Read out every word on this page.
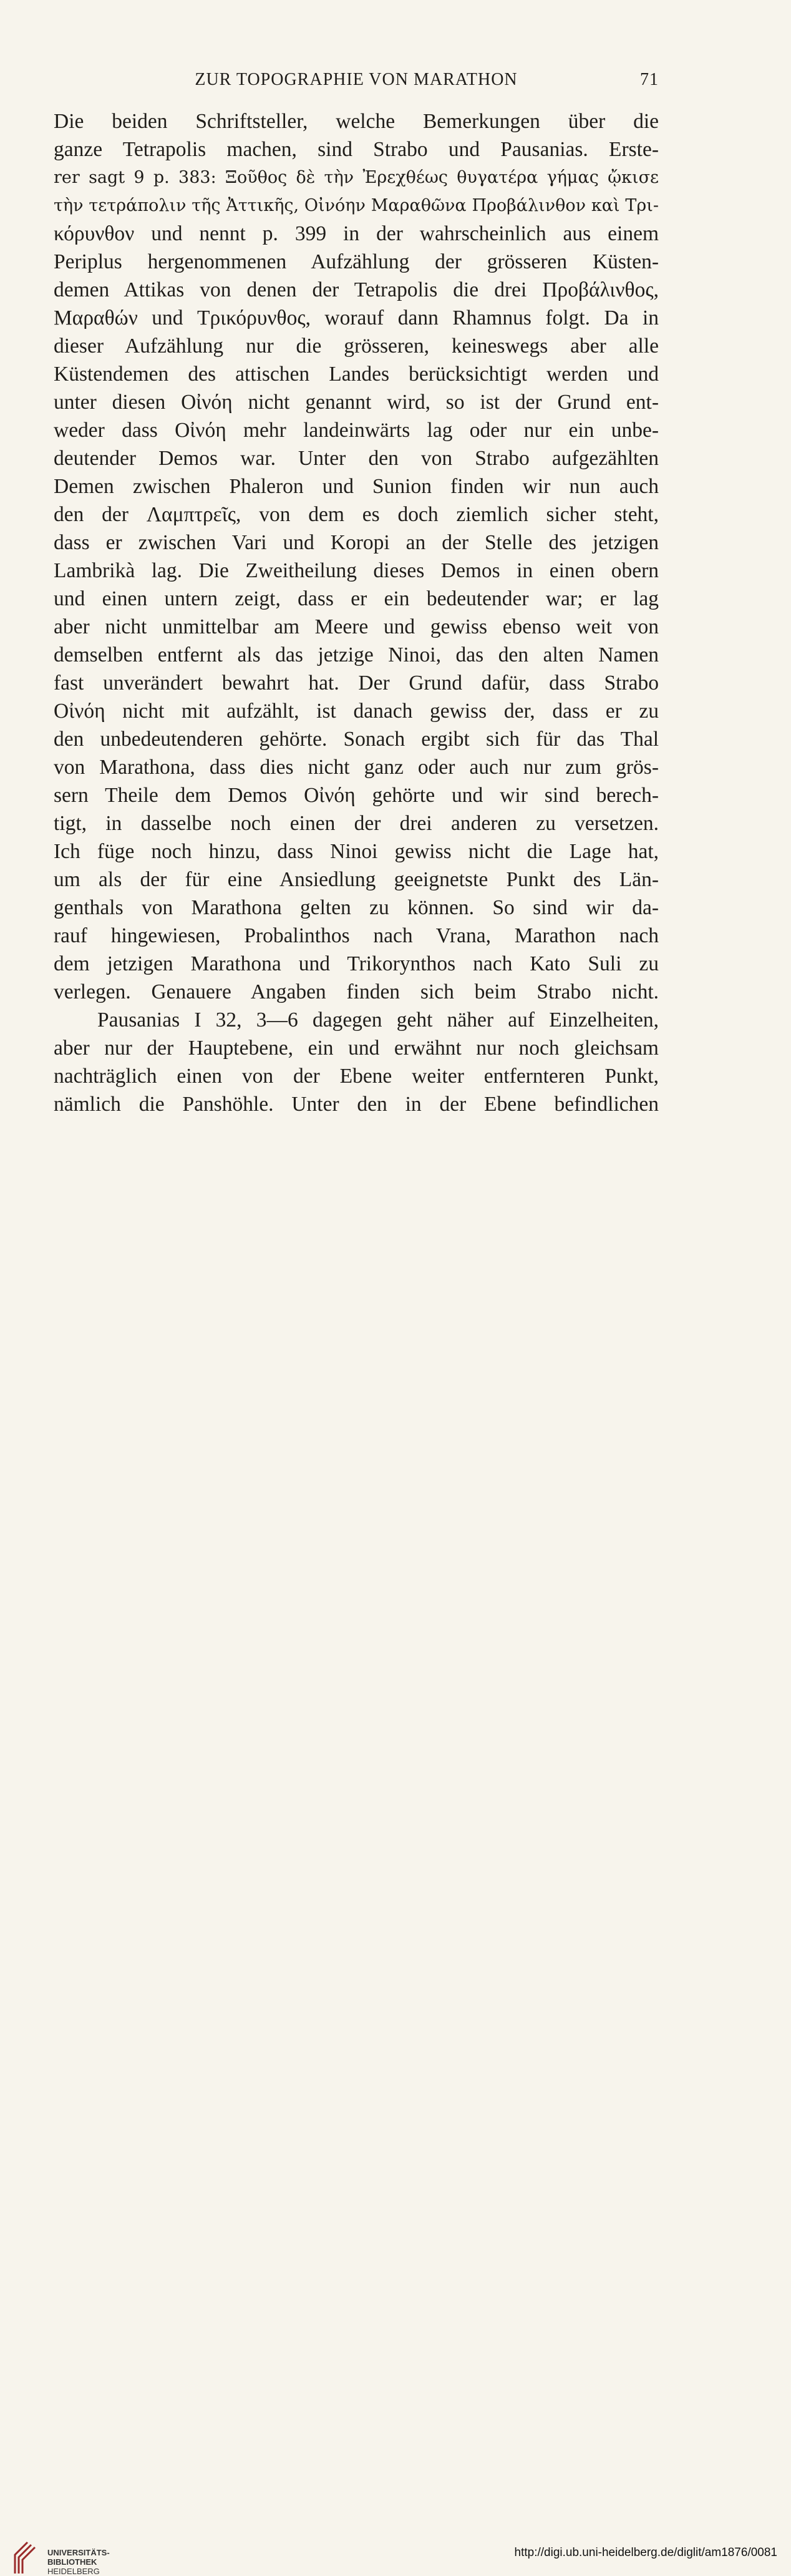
ZUR TOPOGRAPHIE VON MARATHON	71
Die beiden Schriftsteller, welche Bemerkungen über die
ganze Tetrapolis machen, sind Strabo und Pausanias. Erste-
rer sagt 9 p. 383: Ξοῦθος δὲ τὴν Ἐρεχθέως θυγατέρα γήμας ᾤκισε
τὴν τετράπολιν τῆς Ἀττικῆς, Οἰνόην Μαραθῶνα Προβάλινθον καὶ Τρι-
κόρυνθον und nennt p. 399 in der wahrscheinlich aus einem
Periplus hergenommenen Aufzählung der grösseren Küsten-
demen Attikas von denen der Tetrapolis die drei Προβάλινθος,
Μαραθών und Τρικόρυνθος, worauf dann Rhamnus folgt. Da in
dieser Aufzählung nur die grösseren, keineswegs aber alle
Küstendemen des attischen Landes berücksichtigt werden und
unter diesen Οἰνόη nicht genannt wird, so ist der Grund ent-
weder dass Οἰνόη mehr landeinwärts lag oder nur ein unbe-
deutender Demos war. Unter den von Strabo aufgezählten
Demen zwischen Phaleron und Sunion finden wir nun auch
den der Λαμπτρεῖς, von dem es doch ziemlich sicher steht,
dass er zwischen Vari und Koropi an der Stelle des jetzigen
Lambrikà lag. Die Zweitheilung dieses Demos in einen obern
und einen untern zeigt, dass er ein bedeutender war; er lag
aber nicht unmittelbar am Meere und gewiss ebenso weit von
demselben entfernt als das jetzige Ninoi, das den alten Namen
fast unverändert bewahrt hat. Der Grund dafür, dass Strabo
Οἰνόη nicht mit aufzählt, ist danach gewiss der, dass er zu
den unbedeutenderen gehörte. Sonach ergibt sich für das Thal
von Marathona, dass dies nicht ganz oder auch nur zum grös-
sern Theile dem Demos Οἰνόη gehörte und wir sind berech-
tigt, in dasselbe noch einen der drei anderen zu versetzen.
Ich füge noch hinzu, dass Ninoi gewiss nicht die Lage hat,
um als der für eine Ansiedlung geeignetste Punkt des Län-
genthals von Marathona gelten zu können. So sind wir da-
rauf hingewiesen, Probalinthos nach Vrana, Marathon nach
dem jetzigen Marathona und Trikorynthos nach Kato Suli zu
verlegen. Genauere Angaben finden sich beim Strabo nicht.
Pausanias I 32, 3—6 dagegen geht näher auf Einzelheiten,
aber nur der Hauptebene, ein und erwähnt nur noch gleichsam
nachträglich einen von der Ebene weiter entfernteren Punkt,
nämlich die Panshöhle. Unter den in der Ebene befindlichen
UNIVERSITÄTS-
BIBLIOTHEK
HEIDELBERG
http://digi.ub.uni-heidelberg.de/diglit/am1876/0081
